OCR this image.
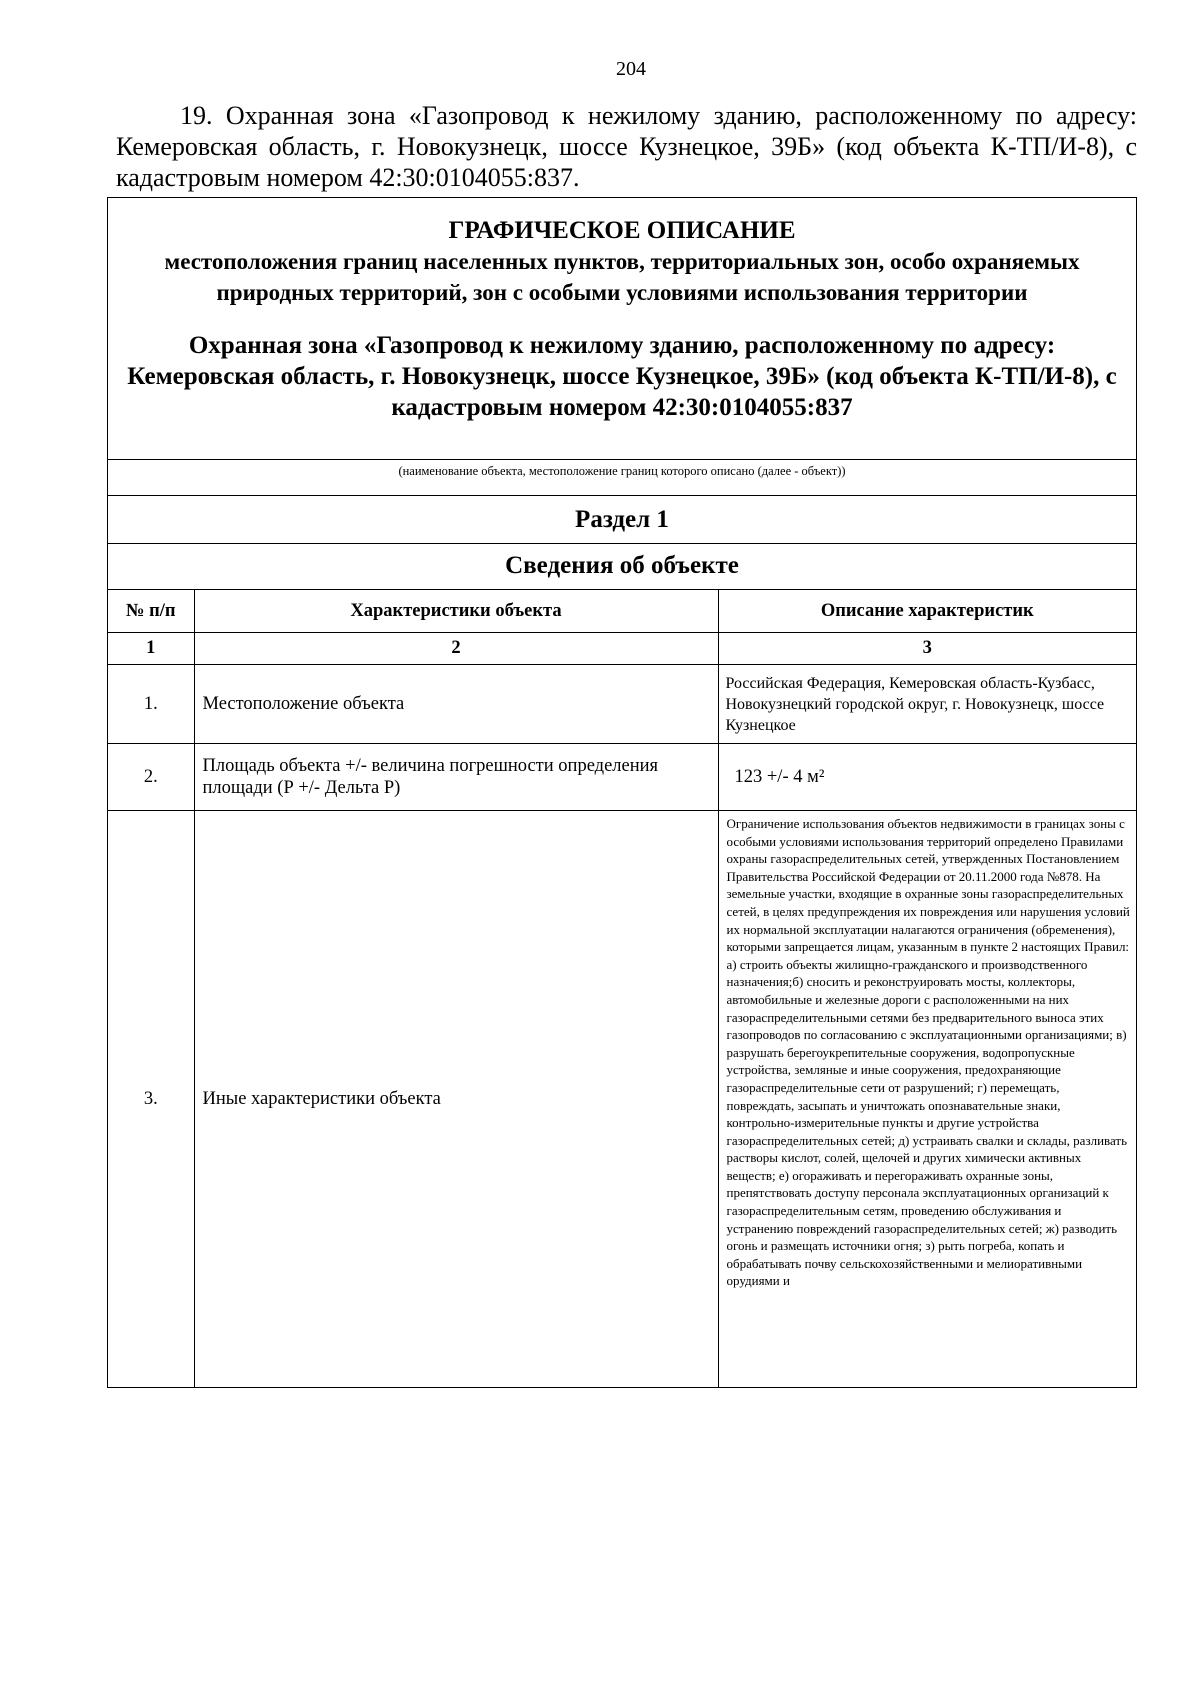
204
19. Охранная зона «Газопровод к нежилому зданию, расположенному по адресу: Кемеровская область, г. Новокузнецк, шоссе Кузнецкое, 39Б» (код объекта К-ТП/И-8), с кадастровым номером 42:30:0104055:837.
ГРАФИЧЕСКОЕ ОПИСАНИЕ
местоположения границ населенных пунктов, территориальных зон, особо охраняемых природных территорий, зон с особыми условиями использования территории
Охранная зона «Газопровод к нежилому зданию, расположенному по адресу: Кемеровская область, г. Новокузнецк, шоссе Кузнецкое, 39Б» (код объекта К-ТП/И-8), с кадастровым номером 42:30:0104055:837
(наименование объекта, местоположение границ которого описано (далее - объект))
Раздел 1
Сведения об объекте
№ п/п	Характеристики объекта	Описание характеристик
1	2	3
1.	Местоположение объекта	Российская Федерация, Кемеровская область-Кузбасс, Новокузнецкий городской округ, г. Новокузнецк, шоссе Кузнецкое
2.	Площадь объекта +/- величина погрешности определения площади (Р +/- Дельта Р)	123 +/- 4 м²
3.	Иные характеристики объекта	Ограничение использования объектов недвижимости в границах зоны с особыми условиями использования территорий определено Правилами охраны газораспределительных сетей, утвержденных Постановлением Правительства Российской Федерации от 20.11.2000 года №878. На земельные участки, входящие в охранные зоны газораспределительных сетей, в целях предупреждения их повреждения или нарушения условий их нормальной эксплуатации налагаются ограничения (обременения), которыми запрещается лицам, указанным в пункте 2 настоящих Правил: а) строить объекты жилищно-гражданского и производственного назначения;б) сносить и реконструировать мосты, коллекторы, автомобильные и железные дороги с расположенными на них газораспределительными сетями без предварительного выноса этих газопроводов по согласованию с эксплуатационными организациями; в) разрушать берегоукрепительные сооружения, водопропускные устройства, земляные и иные сооружения, предохраняющие газораспределительные сети от разрушений; г) перемещать, повреждать, засыпать и уничтожать опознавательные знаки, контрольно-измерительные пункты и другие устройства газораспределительных сетей; д) устраивать свалки и склады, разливать растворы кислот, солей, щелочей и других химически активных веществ; е) огораживать и перегораживать охранные зоны, препятствовать доступу персонала эксплуатационных организаций к газораспределительным сетям, проведению обслуживания и устранению повреждений газораспределительных сетей; ж) разводить огонь и размещать источники огня; з) рыть погреба, копать и обрабатывать почву сельскохозяйственными и мелиоративными орудиями и
